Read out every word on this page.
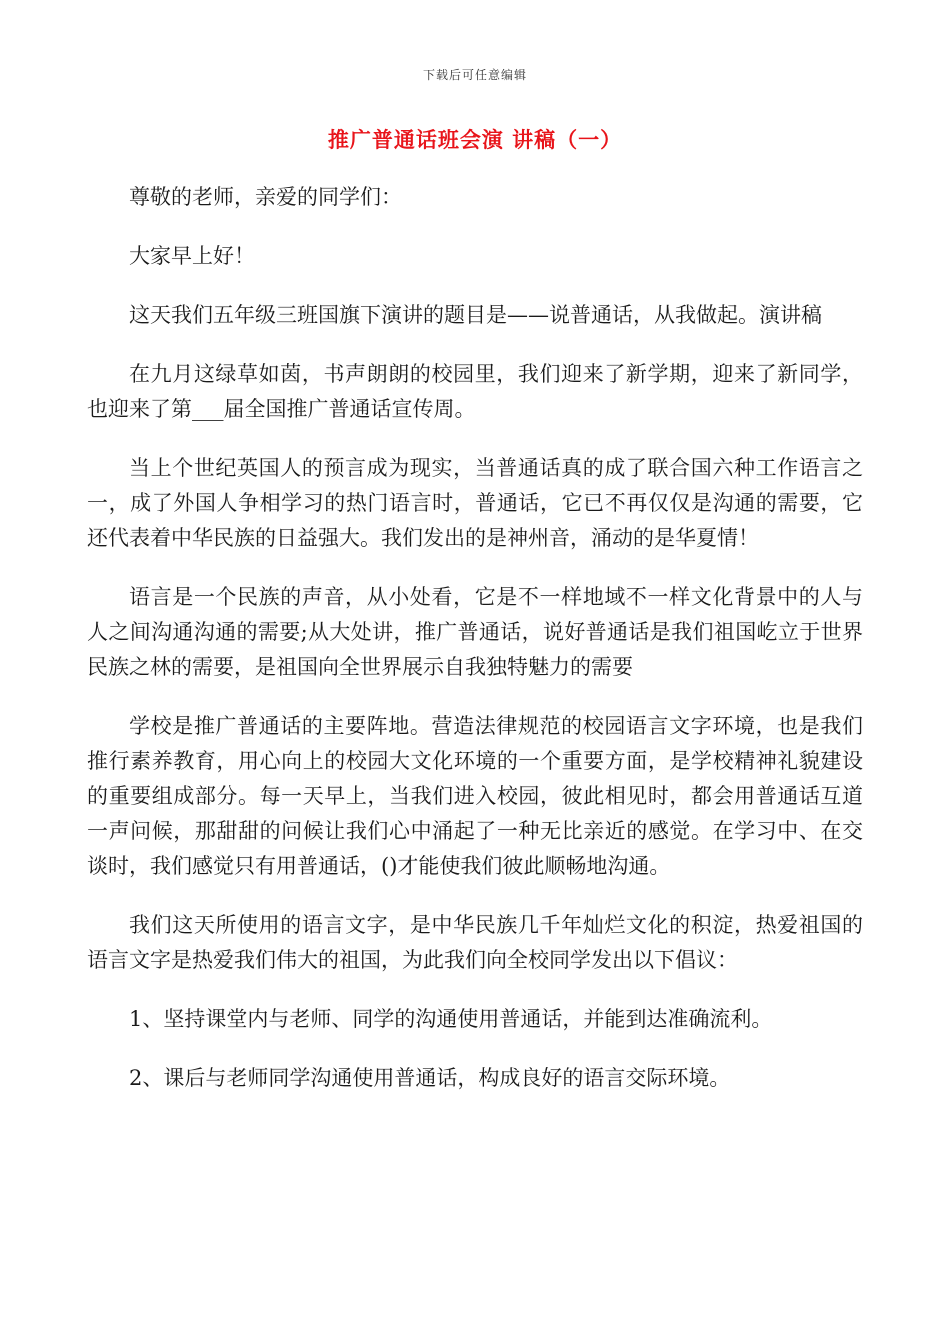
下载后可任意编辑
推广普通话班会演 讲稿（一）

尊敬的老师，亲爱的同学们：

大家早上好！

这天我们五年级三班国旗下演讲的题目是——说普通话，从我做起。演讲稿

在九月这绿草如茵，书声朗朗的校园里，我们迎来了新学期，迎来了新同学，也迎来了第___届全国推广普通话宣传周。

当上个世纪英国人的预言成为现实，当普通话真的成了联合国六种工作语言之一，成了外国人争相学习的热门语言时，普通话，它已不再仅仅是沟通的需要，它还代表着中华民族的日益强大。我们发出的是神州音，涌动的是华夏情！

语言是一个民族的声音，从小处看，它是不一样地域不一样文化背景中的人与人之间沟通沟通的需要;从大处讲，推广普通话，说好普通话是我们祖国屹立于世界民族之林的需要，是祖国向全世界展示自我独特魅力的需要

学校是推广普通话的主要阵地。营造法律规范的校园语言文字环境，也是我们推行素养教育，用心向上的校园大文化环境的一个重要方面，是学校精神礼貌建设的重要组成部分。每一天早上，当我们进入校园，彼此相见时，都会用普通话互道一声问候，那甜甜的问候让我们心中涌起了一种无比亲近的感觉。在学习中、在交谈时，我们感觉只有用普通话，()才能使我们彼此顺畅地沟通。

我们这天所使用的语言文字，是中华民族几千年灿烂文化的积淀，热爱祖国的语言文字是热爱我们伟大的祖国，为此我们向全校同学发出以下倡议：

1、坚持课堂内与老师、同学的沟通使用普通话，并能到达准确流利。

2、课后与老师同学沟通使用普通话，构成良好的语言交际环境。
